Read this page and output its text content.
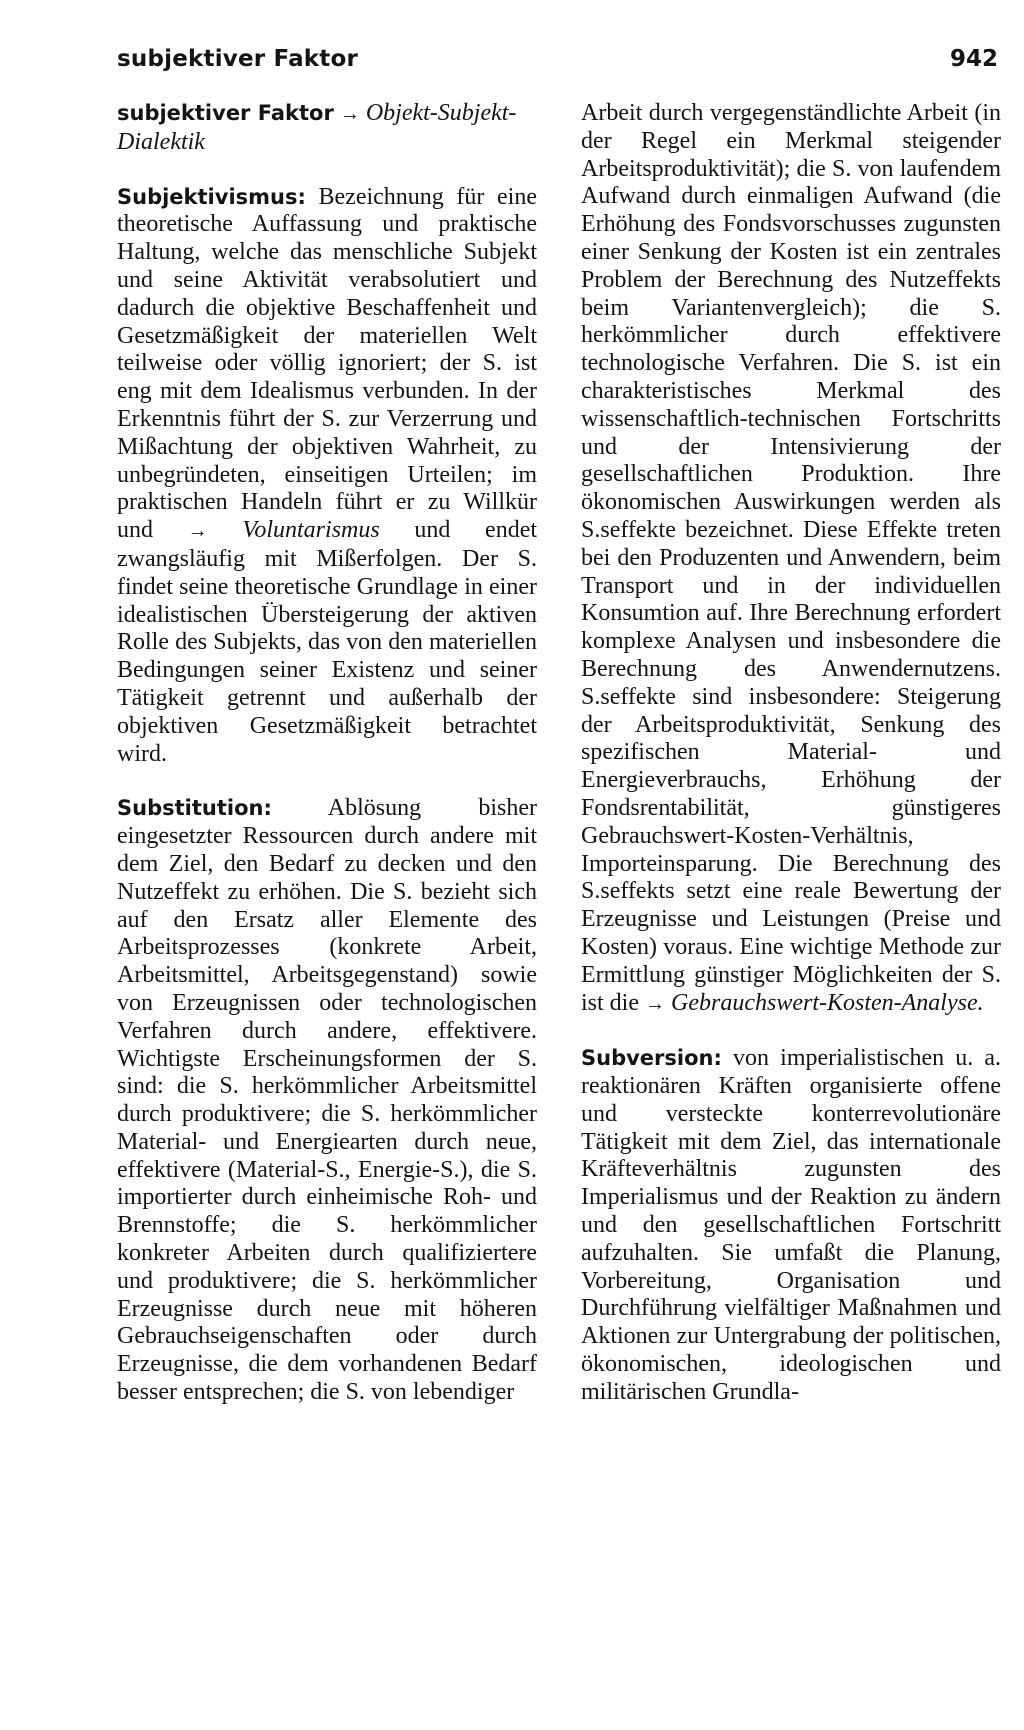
subjektiver Faktor	942

subjektiver Faktor → Objekt-Subjekt-Dialektik

Subjektivismus: Bezeichnung für eine theoretische Auffassung und praktische Haltung, welche das menschliche Subjekt und seine Aktivität verabsolutiert und dadurch die objektive Beschaffenheit und Gesetzmäßigkeit der materiellen Welt teilweise oder völlig ignoriert; der S. ist eng mit dem Idealismus verbunden. In der Erkenntnis führt der S. zur Verzerrung und Mißachtung der objektiven Wahrheit, zu unbegründeten, einseitigen Urteilen; im praktischen Handeln führt er zu Willkür und → Voluntarismus und endet zwangsläufig mit Mißerfolgen. Der S. findet seine theoretische Grundlage in einer idealistischen Übersteigerung der aktiven Rolle des Subjekts, das von den materiellen Bedingungen seiner Existenz und seiner Tätigkeit getrennt und außerhalb der objektiven Gesetzmäßigkeit betrachtet wird.

Substitution: Ablösung bisher eingesetzter Ressourcen durch andere mit dem Ziel, den Bedarf zu decken und den Nutzeffekt zu erhöhen. Die S. bezieht sich auf den Ersatz aller Elemente des Arbeitsprozesses (konkrete Arbeit, Arbeitsmittel, Arbeitsgegenstand) sowie von Erzeugnissen oder technologischen Verfahren durch andere, effektivere. Wichtigste Erscheinungsformen der S. sind: die S. herkömmlicher Arbeitsmittel durch produktivere; die S. herkömmlicher Material- und Energiearten durch neue, effektivere (Material-S., Energie-S.), die S. importierter durch einheimische Roh- und Brennstoffe; die S. herkömmlicher konkreter Arbeiten durch qualifiziertere und produktivere; die S. herkömmlicher Erzeugnisse durch neue mit höheren Gebrauchseigenschaften oder durch Erzeugnisse, die dem vorhandenen Bedarf besser entsprechen; die S. von lebendiger

Arbeit durch vergegenständlichte Arbeit (in der Regel ein Merkmal steigender Arbeitsproduktivität); die S. von laufendem Aufwand durch einmaligen Aufwand (die Erhöhung des Fondsvorschusses zugunsten einer Senkung der Kosten ist ein zentrales Problem der Berechnung des Nutzeffekts beim Variantenvergleich); die S. herkömmlicher durch effektivere technologische Verfahren. Die S. ist ein charakteristisches Merkmal des wissenschaftlich-technischen Fortschritts und der Intensivierung der gesellschaftlichen Produktion. Ihre ökonomischen Auswirkungen werden als S.seffekte bezeichnet. Diese Effekte treten bei den Produzenten und Anwendern, beim Transport und in der individuellen Konsumtion auf. Ihre Berechnung erfordert komplexe Analysen und insbesondere die Berechnung des Anwendernutzens. S.seffekte sind insbesondere: Steigerung der Arbeitsproduktivität, Senkung des spezifischen Material- und Energieverbrauchs, Erhöhung der Fondsrentabilität, günstigeres Gebrauchswert-Kosten-Verhältnis, Importeinsparung. Die Berechnung des S.seffekts setzt eine reale Bewertung der Erzeugnisse und Leistungen (Preise und Kosten) voraus. Eine wichtige Methode zur Ermittlung günstiger Möglichkeiten der S. ist die → Gebrauchswert-Kosten-Analyse.

Subversion: von imperialistischen u. a. reaktionären Kräften organisierte offene und versteckte konterrevolutionäre Tätigkeit mit dem Ziel, das internationale Kräfteverhältnis zugunsten des Imperialismus und der Reaktion zu ändern und den gesellschaftlichen Fortschritt aufzuhalten. Sie umfaßt die Planung, Vorbereitung, Organisation und Durchführung vielfältiger Maßnahmen und Aktionen zur Untergrabung der politischen, ökonomischen, ideologischen und militärischen Grundla-
